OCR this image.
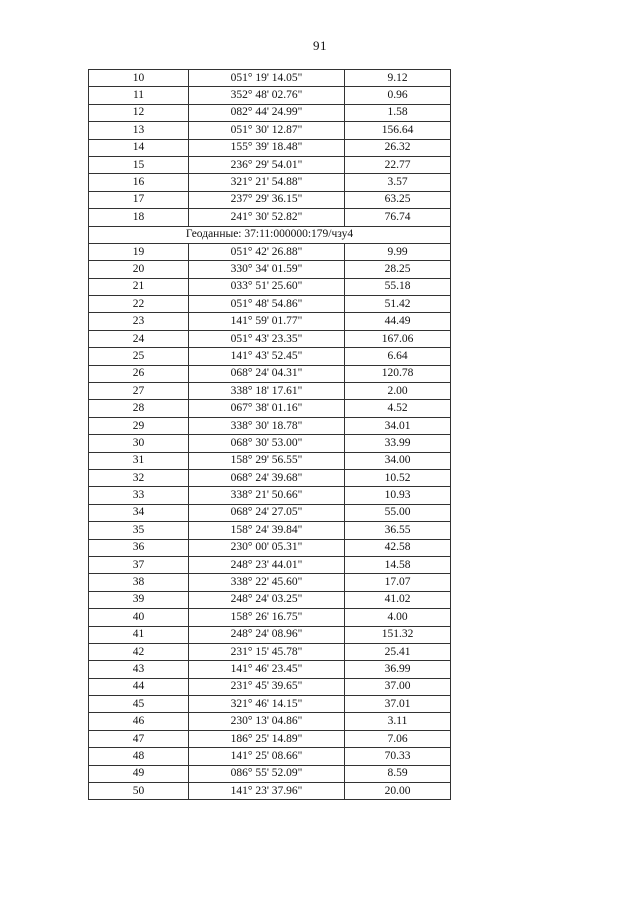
91
10	051° 19' 14.05"	9.12
11	352° 48' 02.76"	0.96
12	082° 44' 24.99"	1.58
13	051° 30' 12.87"	156.64
14	155° 39' 18.48"	26.32
15	236° 29' 54.01"	22.77
16	321° 21' 54.88"	3.57
17	237° 29' 36.15"	63.25
18	241° 30' 52.82"	76.74
Геоданные: 37:11:000000:179/чзу4		
19	051° 42' 26.88"	9.99
20	330° 34' 01.59"	28.25
21	033° 51' 25.60"	55.18
22	051° 48' 54.86"	51.42
23	141° 59' 01.77"	44.49
24	051° 43' 23.35"	167.06
25	141° 43' 52.45"	6.64
26	068° 24' 04.31"	120.78
27	338° 18' 17.61"	2.00
28	067° 38' 01.16"	4.52
29	338° 30' 18.78"	34.01
30	068° 30' 53.00"	33.99
31	158° 29' 56.55"	34.00
32	068° 24' 39.68"	10.52
33	338° 21' 50.66"	10.93
34	068° 24' 27.05"	55.00
35	158° 24' 39.84"	36.55
36	230° 00' 05.31"	42.58
37	248° 23' 44.01"	14.58
38	338° 22' 45.60"	17.07
39	248° 24' 03.25"	41.02
40	158° 26' 16.75"	4.00
41	248° 24' 08.96"	151.32
42	231° 15' 45.78"	25.41
43	141° 46' 23.45"	36.99
44	231° 45' 39.65"	37.00
45	321° 46' 14.15"	37.01
46	230° 13' 04.86"	3.11
47	186° 25' 14.89"	7.06
48	141° 25' 08.66"	70.33
49	086° 55' 52.09"	8.59
50	141° 23' 37.96"	20.00
